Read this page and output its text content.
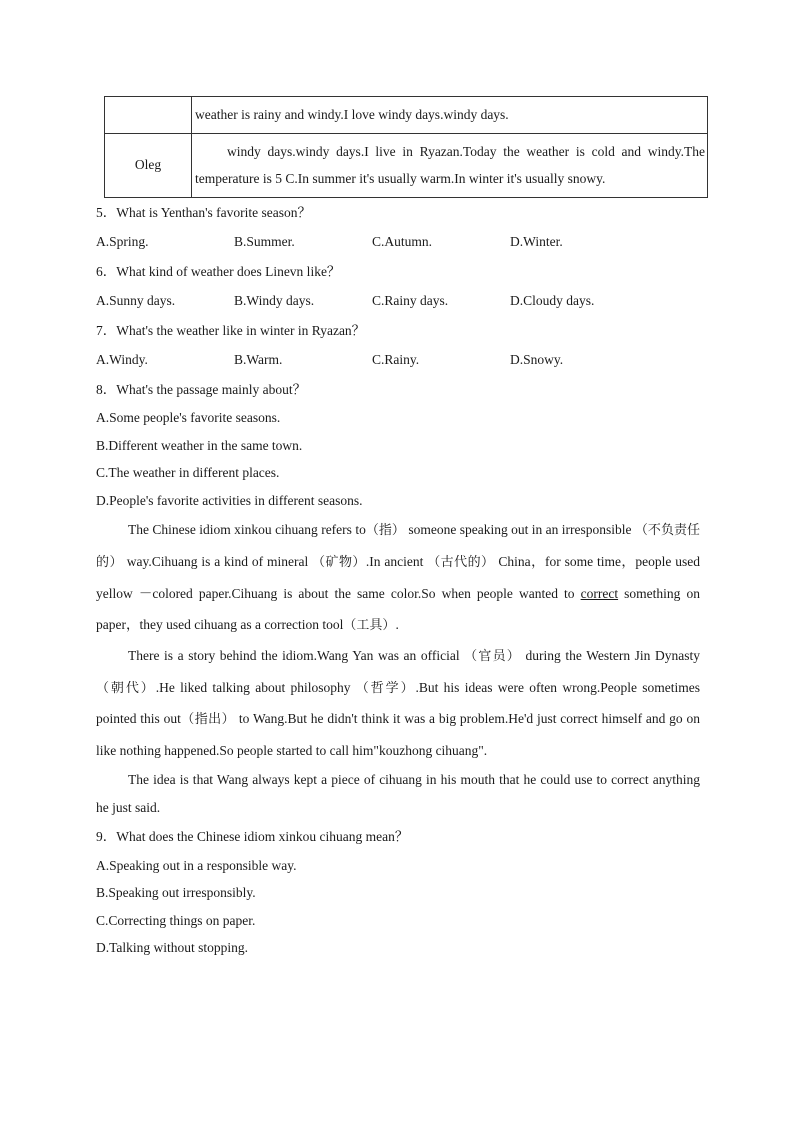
	weather is rainy and windy.I love windy days.windy days.
Oleg	windy days.windy days.I live in Ryazan.Today the weather is cold and windy.The temperature is 5 C.In summer it's usually warm.In winter it's usually snowy.

5．What is Yenthan's favorite season？

A.Spring.	B.Summer.	C.Autumn.	D.Winter.

6．What kind of weather does Linevn like？

A.Sunny days.	B.Windy days.	C.Rainy days.	D.Cloudy days.

7．What's the weather like in winter in Ryazan？

A.Windy.	B.Warm.	C.Rainy.	D.Snowy.

8．What's the passage mainly about？

A.Some people's favorite seasons.

B.Different weather in the same town.

C.The weather in different places.

D.People's favorite activities in different seasons.

The Chinese idiom xinkou cihuang refers to（指） someone speaking out in an irresponsible （不负责任的） way.Cihuang is a kind of mineral （矿物）.In ancient （古代的） China，for some time，people used yellow －colored paper.Cihuang is about the same color.So when people wanted to correct something on paper，they used cihuang as a correction tool（工具）.

There is a story behind the idiom.Wang Yan was an official （官员） during the Western Jin Dynasty （朝代）.He liked talking about philosophy （哲学）.But his ideas were often wrong.People sometimes pointed this out（指出） to Wang.But he didn't think it was a big problem.He'd just correct himself and go on like nothing happened.So people started to call him"kouzhong cihuang".

The idea is that Wang always kept a piece of cihuang in his mouth that he could use to correct anything he just said.

9．What does the Chinese idiom xinkou cihuang mean？

A.Speaking out in a responsible way.

B.Speaking out irresponsibly.

C.Correcting things on paper.

D.Talking without stopping.
